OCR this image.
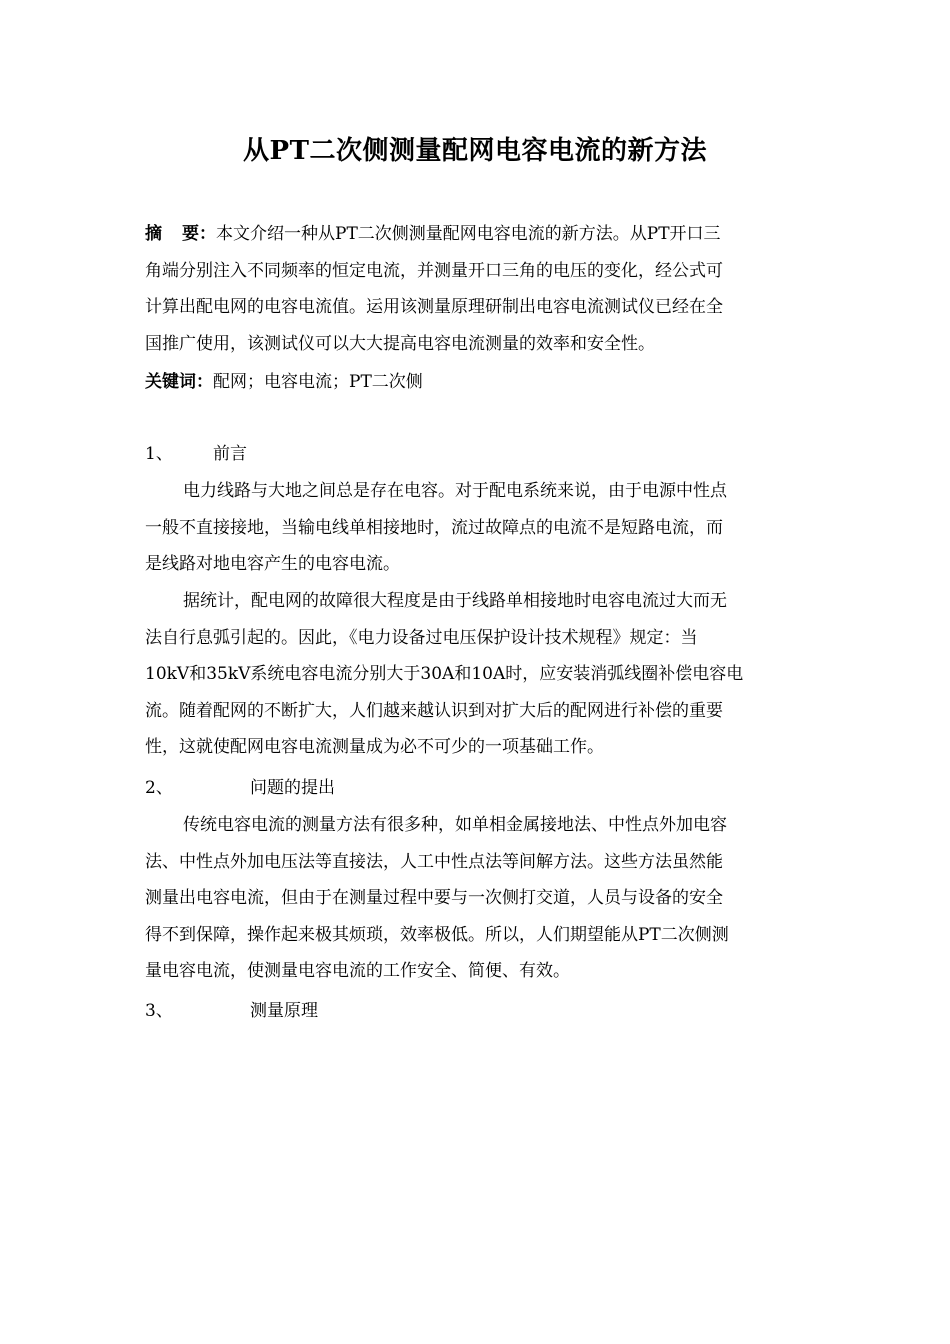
从PT二次侧测量配网电容电流的新方法
摘 要：本文介绍一种从PT二次侧测量配网电容电流的新方法。从PT开口三
角端分别注入不同频率的恒定电流，并测量开口三角的电压的变化，经公式可
计算出配电网的电容电流值。运用该测量原理研制出电容电流测试仪已经在全
国推广使用，该测试仪可以大大提高电容电流测量的效率和安全性。
关键词：配网；电容电流；PT二次侧
1、 前言
电力线路与大地之间总是存在电容。对于配电系统来说，由于电源中性点
一般不直接接地，当输电线单相接地时，流过故障点的电流不是短路电流，而
是线路对地电容产生的电容电流。
据统计，配电网的故障很大程度是由于线路单相接地时电容电流过大而无
法自行息弧引起的。因此，《电力设备过电压保护设计技术规程》规定：当
10kV和35kV系统电容电流分别大于30A和10A时，应安装消弧线圈补偿电容电
流。随着配网的不断扩大，人们越来越认识到对扩大后的配网进行补偿的重要
性，这就使配网电容电流测量成为必不可少的一项基础工作。
2、	问题的提出
传统电容电流的测量方法有很多种，如单相金属接地法、中性点外加电容
法、中性点外加电压法等直接法，人工中性点法等间解方法。这些方法虽然能
测量出电容电流，但由于在测量过程中要与一次侧打交道，人员与设备的安全
得不到保障，操作起来极其烦琐，效率极低。所以，人们期望能从PT二次侧测
量电容电流，使测量电容电流的工作安全、简便、有效。
3、	测量原理
